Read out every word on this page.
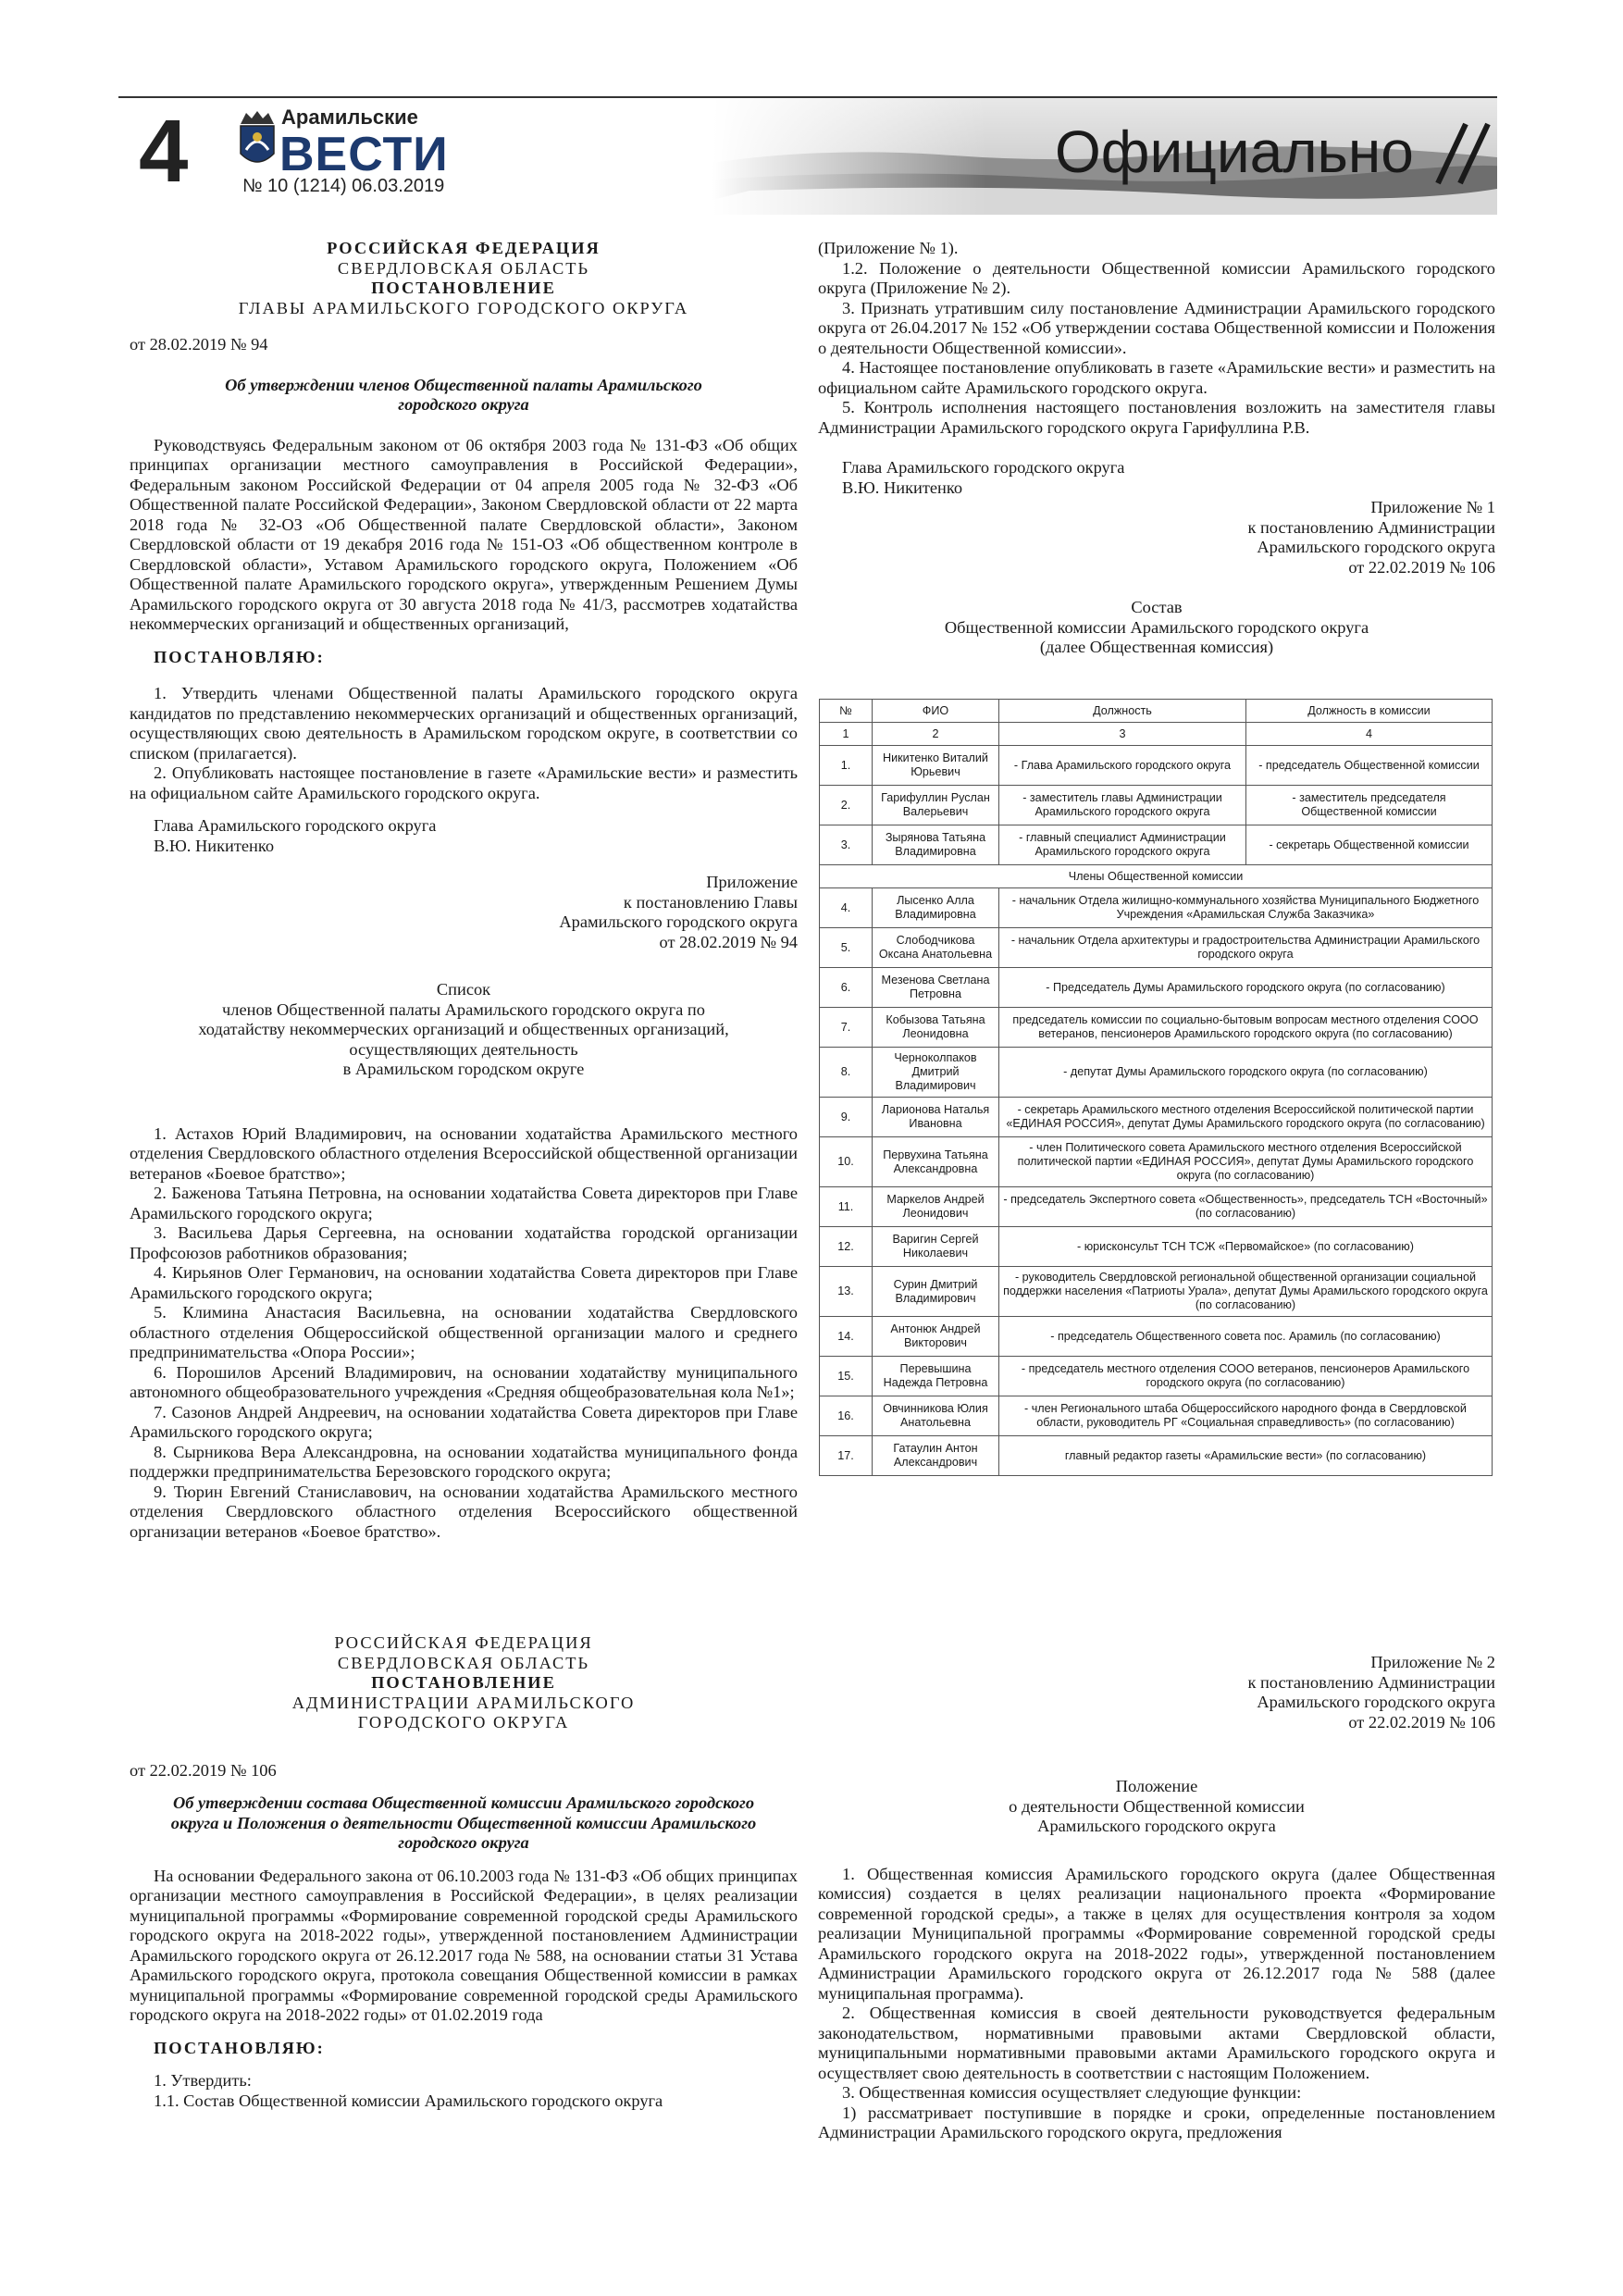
4	Арамильские
ВЕСТИ
№ 10 (1214) 06.03.2019
Официально
РОССИЙСКАЯ ФЕДЕРАЦИЯ
СВЕРДЛОВСКАЯ ОБЛАСТЬ
ПОСТАНОВЛЕНИЕ
ГЛАВЫ АРАМИЛЬСКОГО ГОРОДСКОГО ОКРУГА

от 28.02.2019 № 94

Об утверждении членов Общественной палаты Арамильского городского округа

Руководствуясь Федеральным законом от 06 октября 2003 года № 131-ФЗ «Об общих принципах организации местного самоуправления в Российской Федерации», Федеральным законом Российской Федерации от 04 апреля 2005 года № 32-ФЗ «Об Общественной палате Российской Федерации», Законом Свердловской области от 22 марта 2018 года № 32-ОЗ «Об Общественной палате Свердловской области», Законом Свердловской области от 19 декабря 2016 года № 151-ОЗ «Об общественном контроле в Свердловской области», Уставом Арамильского городского округа, Положением «Об Общественной палате Арамильского городского округа», утвержденным Решением Думы Арамильского городского округа от 30 августа 2018 года № 41/3, рассмотрев ходатайства некоммерческих организаций и общественных организаций,

ПОСТАНОВЛЯЮ:

1. Утвердить членами Общественной палаты Арамильского городского округа кандидатов по представлению некоммерческих организаций и общественных организаций, осуществляющих свою деятельность в Арамильском городском округе, в соответствии со списком (прилагается).

2. Опубликовать настоящее постановление в газете «Арамильские вести» и разместить на официальном сайте Арамильского городского округа.

Глава Арамильского городского округа

В.Ю. Никитенко

Приложение
к постановлению Главы
Арамильского городского округа
от 28.02.2019 № 94
Список
членов Общественной палаты Арамильского городского округа по
ходатайству некоммерческих организаций и общественных организаций,
осуществляющих деятельность
в Арамильском городском округе

1. Астахов Юрий Владимирович, на основании ходатайства Арамильского местного отделения Свердловского областного отделения Всероссийской общественной организации ветеранов «Боевое братство»;

2. Баженова Татьяна Петровна, на основании ходатайства Совета директоров при Главе Арамильского городского округа;

3. Васильева Дарья Сергеевна, на основании ходатайства городской организации Профсоюзов работников образования;

4. Кирьянов Олег Германович, на основании ходатайства Совета директоров при Главе Арамильского городского округа;

5. Климина Анастасия Васильевна, на основании ходатайства Свердловского областного отделения Общероссийской общественной организации малого и среднего предпринимательства «Опора России»;

6. Порошилов Арсений Владимирович, на основании ходатайству муниципального автономного общеобразовательного учреждения «Средняя общеобразовательная кола №1»;

7. Сазонов Андрей Андреевич, на основании ходатайства Совета директоров при Главе Арамильского городского округа;

8. Сырникова Вера Александровна, на основании ходатайства муниципального фонда поддержки предпринимательства Березовского городского округа;

9. Тюрин Евгений Станиславович, на основании ходатайства Арамильского местного отделения Свердловского областного отделения Всероссийского общественной организации ветеранов «Боевое братство».

РОССИЙСКАЯ ФЕДЕРАЦИЯ
СВЕРДЛОВСКАЯ ОБЛАСТЬ
ПОСТАНОВЛЕНИЕ
АДМИНИСТРАЦИИ АРАМИЛЬСКОГО
ГОРОДСКОГО ОКРУГА

от 22.02.2019 № 106

Об утверждении состава Общественной комиссии Арамильского городского округа и Положения о деятельности Общественной комиссии Арамильского городского округа

На основании Федерального закона от 06.10.2003 года № 131-ФЗ «Об общих принципах организации местного самоуправления в Российской Федерации», в целях реализации муниципальной программы «Формирование современной городской среды Арамильского городского округа на 2018-2022 годы», утвержденной постановлением Администрации Арамильского городского округа от 26.12.2017 года № 588, на основании статьи 31 Устава Арамильского городского округа, протокола совещания Общественной комиссии в рамках муниципальной программы «Формирование современной городской среды Арамильского городского округа на 2018-2022 годы» от 01.02.2019 года

ПОСТАНОВЛЯЮ:

1. Утвердить:

1.1. Состав Общественной комиссии Арамильского городского округа

(Приложение № 1).

1.2. Положение о деятельности Общественной комиссии Арамильского городского округа (Приложение № 2).

3. Признать утратившим силу постановление Администрации Арамильского городского округа от 26.04.2017 № 152 «Об утверждении состава Общественной комиссии и Положения о деятельности Общественной комиссии».

4. Настоящее постановление опубликовать в газете «Арамильские вести» и разместить на официальном сайте Арамильского городского округа.

5. Контроль исполнения настоящего постановления возложить на заместителя главы Администрации Арамильского городского округа Гарифуллина Р.В.

Глава Арамильского городского округа

В.Ю. Никитенко

Приложение № 1
к постановлению Администрации
Арамильского городского округа
от 22.02.2019 № 106
Состав
Общественной комиссии Арамильского городского округа
(далее Общественная комиссия)
№	ФИО	Должность	Должность в комиссии
1	2	3	4
1.	Никитенко Виталий Юрьевич	- Глава Арамильского городского округа	- председатель Общественной комиссии
2.	Гарифуллин Руслан Валерьевич	- заместитель главы Администрации Арамильского городского округа	- заместитель председателя Общественной комиссии
3.	Зырянова Татьяна Владимировна	- главный специалист Администрации Арамильского городского округа	- секретарь Общественной комиссии
Члены Общественной комиссии			
4.	Лысенко Алла Владимировна	- начальник Отдела жилищно-коммунального хозяйства Муниципального Бюджетного Учреждения «Арамильская Служба Заказчика»	
5.	Слободчикова Оксана Анатольевна	- начальник Отдела архитектуры и градостроительства Администрации Арамильского городского округа	
6.	Мезенова Светлана Петровна	- Председатель Думы Арамильского городского округа (по согласованию)	
7.	Кобызова Татьяна Леонидовна	председатель комиссии по социально-бытовым вопросам местного отделения СООО ветеранов, пенсионеров Арамильского городского округа (по согласованию)	
8.	Черноколпаков Дмитрий Владимирович	- депутат Думы Арамильского городского округа (по согласованию)	
9.	Ларионова Наталья Ивановна	- секретарь Арамильского местного отделения Всероссийской политической партии «ЕДИНАЯ РОССИЯ», депутат Думы Арамильского городского округа (по согласованию)	
10.	Первухина Татьяна Александровна	- член Политического совета Арамильского местного отделения Всероссийской политической партии «ЕДИНАЯ РОССИЯ», депутат Думы Арамильского городского округа (по согласованию)	
11.	Маркелов Андрей Леонидович	- председатель Экспертного совета «Общественность», председатель ТСН «Восточный» (по согласованию)	
12.	Варигин Сергей Николаевич	- юрисконсульт ТСН ТСЖ «Первомайское» (по согласованию)	
13.	Сурин Дмитрий Владимирович	- руководитель Свердловской региональной общественной организации социальной поддержки населения «Патриоты Урала», депутат Думы Арамильского городского округа (по согласованию)	
14.	Антонюк Андрей Викторович	- председатель Общественного совета пос. Арамиль (по согласованию)	
15.	Перевышина Надежда Петровна	- председатель местного отделения СООО ветеранов, пенсионеров Арамильского городского округа (по согласованию)	
16.	Овчинникова Юлия Анатольевна	- член Регионального штаба Общероссийского народного фонда в Свердловской области, руководитель РГ «Социальная справедливость» (по согласованию)	
17.	Гатаулин Антон Александрович	главный редактор газеты «Арамильские вести» (по согласованию)	
Приложение № 2
к постановлению Администрации
Арамильского городского округа
от 22.02.2019 № 106
Положение
о деятельности Общественной комиссии
Арамильского городского округа

1. Общественная комиссия Арамильского городского округа (далее Общественная комиссия) создается в целях реализации национального проекта «Формирование современной городской среды», а также в целях для осуществления контроля за ходом реализации Муниципальной программы «Формирование современной городской среды Арамильского городского округа на 2018-2022 годы», утвержденной постановлением Администрации Арамильского городского округа от 26.12.2017 года № 588 (далее муниципальная программа).

2. Общественная комиссия в своей деятельности руководствуется федеральным законодательством, нормативными правовыми актами Свердловской области, муниципальными нормативными правовыми актами Арамильского городского округа и осуществляет свою деятельность в соответствии с настоящим Положением.

3. Общественная комиссия осуществляет следующие функции:

1) рассматривает поступившие в порядке и сроки, определенные постановлением Администрации Арамильского городского округа, предложения
